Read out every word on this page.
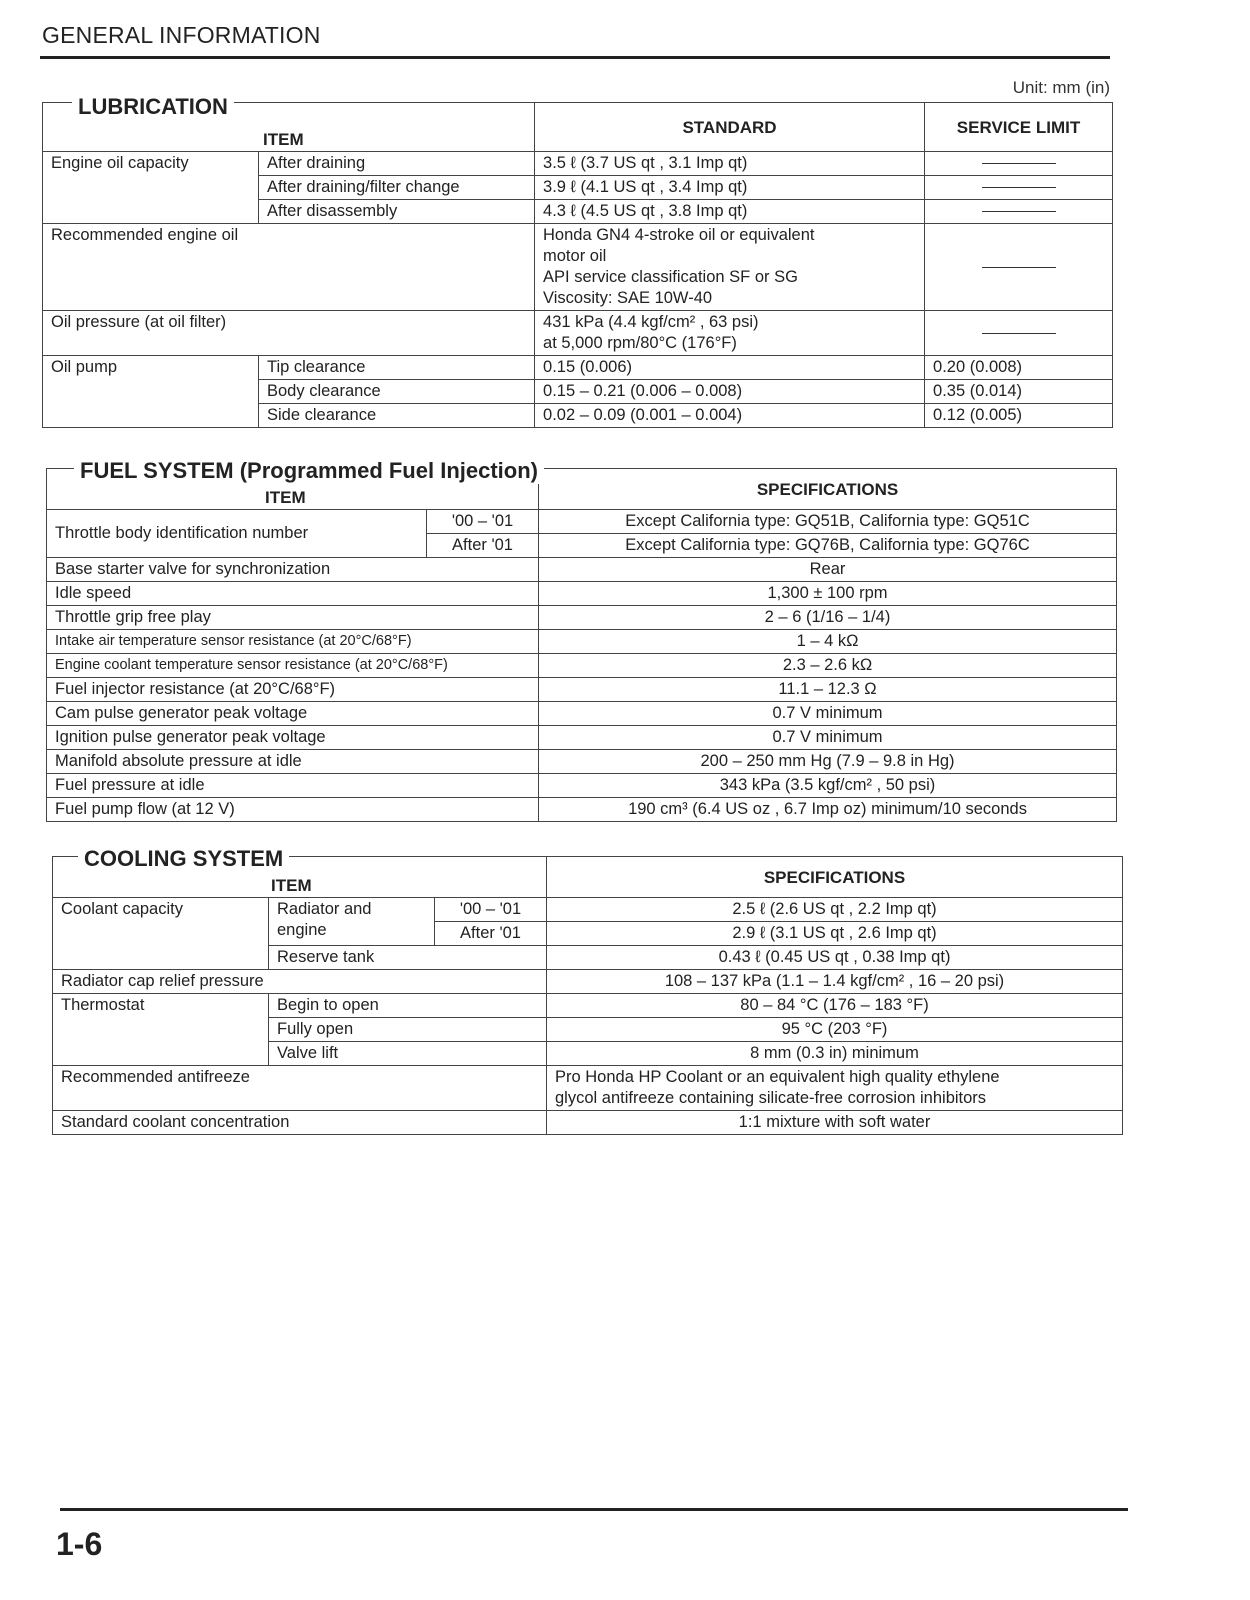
GENERAL INFORMATION
Unit: mm (in)
LUBRICATION
ITEM		STANDARD	SERVICE LIMIT
Engine oil capacity	After draining	3.5 ℓ (3.7 US qt , 3.1 Imp qt)	
	After draining/filter change	3.9 ℓ (4.1 US qt , 3.4 Imp qt)	
	After disassembly	4.3 ℓ (4.5 US qt , 3.8 Imp qt)	
Recommended engine oil		Honda GN4 4-stroke oil or equivalent
motor oil
API service classification SF or SG
Viscosity: SAE 10W-40	

Oil pressure (at oil filter)		431 kPa (4.4 kgf/cm² , 63 psi)
at 5,000 rpm/80°C (176°F)	

Oil pump	Tip clearance	0.15 (0.006)	0.20 (0.008)
	Body clearance	0.15 – 0.21 (0.006 – 0.008)	0.35 (0.014)
	Side clearance	0.02 – 0.09 (0.001 – 0.004)	0.12 (0.005)
FUEL SYSTEM (Programmed Fuel Injection)
ITEM		SPECIFICATIONS
Throttle body identification number	'00 – '01	Except California type: GQ51B, California type: GQ51C
	After '01	Except California type: GQ76B, California type: GQ76C
Base starter valve for synchronization		Rear
Idle speed		1,300 ± 100 rpm
Throttle grip free play		2 – 6 (1/16 – 1/4)
Intake air temperature sensor resistance (at 20°C/68°F)		1 – 4 kΩ
Engine coolant temperature sensor resistance (at 20°C/68°F)		2.3 – 2.6 kΩ
Fuel injector resistance (at 20°C/68°F)		11.1 – 12.3 Ω
Cam pulse generator peak voltage		0.7 V minimum
Ignition pulse generator peak voltage		0.7 V minimum
Manifold absolute pressure at idle		200 – 250 mm Hg (7.9 – 9.8 in Hg)
Fuel pressure at idle		343 kPa (3.5 kgf/cm² , 50 psi)
Fuel pump flow (at 12 V)		190 cm³ (6.4 US oz , 6.7 Imp oz) minimum/10 seconds
COOLING SYSTEM
ITEM			SPECIFICATIONS
Coolant capacity	Radiator and
engine	'00 – '01	2.5 ℓ (2.6 US qt , 2.2 Imp qt)
		After '01	2.9 ℓ (3.1 US qt , 2.6 Imp qt)
	Reserve tank		0.43 ℓ (0.45 US qt , 0.38 Imp qt)
Radiator cap relief pressure			108 – 137 kPa (1.1 – 1.4 kgf/cm² , 16 – 20 psi)
Thermostat	Begin to open		80 – 84 °C (176 – 183 °F)
	Fully open		95 °C (203 °F)
	Valve lift		8 mm (0.3 in) minimum
Recommended antifreeze			Pro Honda HP Coolant or an equivalent high quality ethylene
glycol antifreeze containing silicate-free corrosion inhibitors

Standard coolant concentration			1:1 mixture with soft water
1-6
